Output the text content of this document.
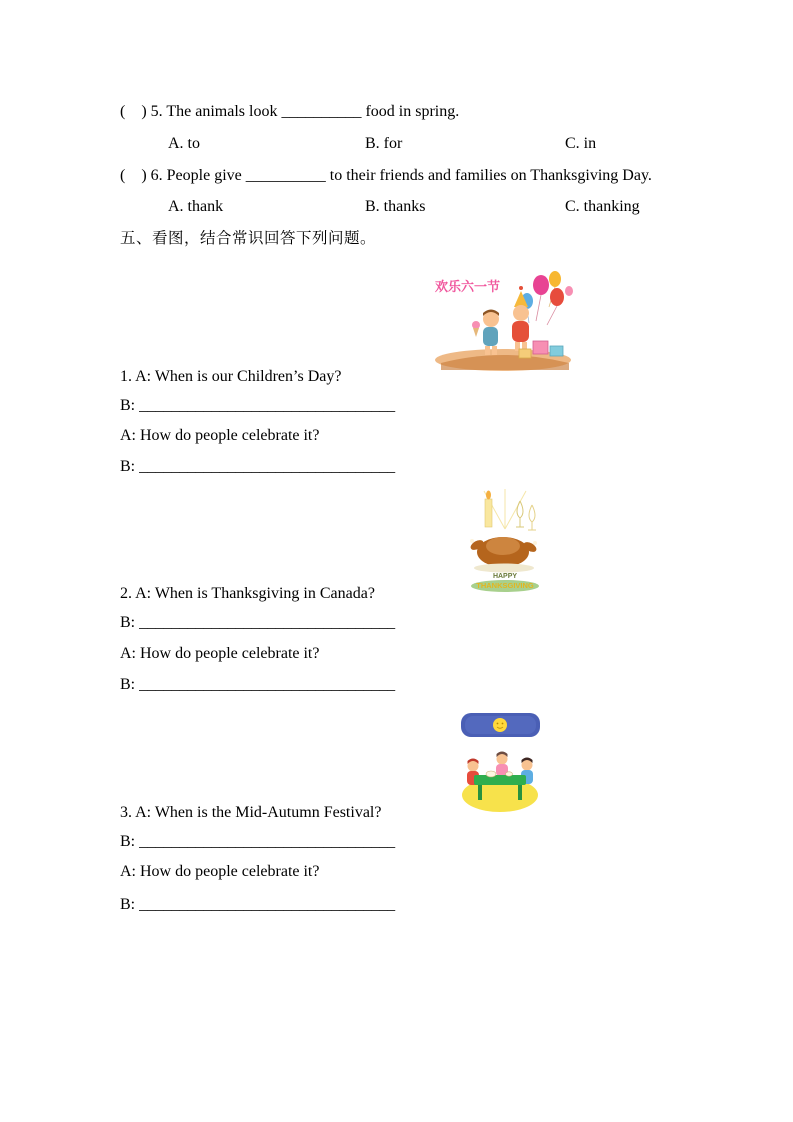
(　) 5. The animals look __________ food in spring.
A. to	B. for	C. in
(　) 6. People give __________ to their friends and families on Thanksgiving Day.
A. thank	B. thanks	C. thanking
五、看图，结合常识回答下列问题。
欢乐六一节
1. A: When is our Children’s Day?
B: ________________________________
A: How do people celebrate it?
B: ________________________________
HAPPY
THANKSGIVING
2. A: When is Thanksgiving in Canada?
B: ________________________________
A: How do people celebrate it?
B: ________________________________
3. A: When is the Mid-Autumn Festival?
B: ________________________________
A: How do people celebrate it?
B: ________________________________
